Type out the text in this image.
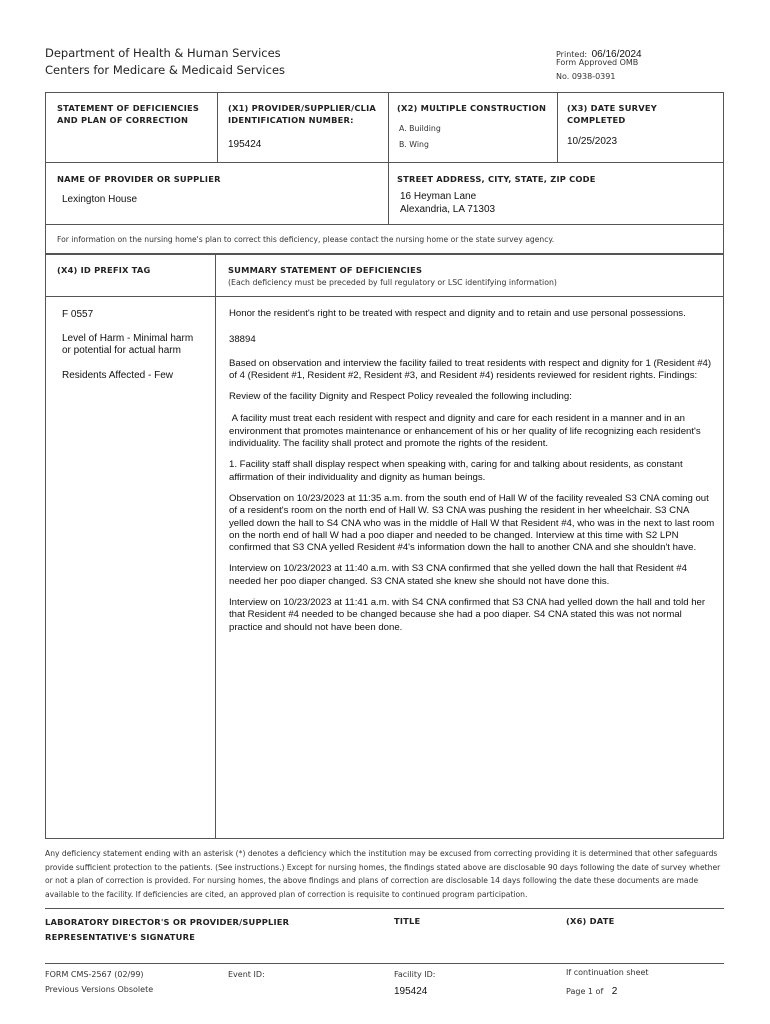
Department of Health & Human Services
Centers for Medicare & Medicaid Services
Printed: 06/16/2024
Form Approved OMB
No. 0938-0391
STATEMENT OF DEFICIENCIES
AND PLAN OF CORRECTION
(X1) PROVIDER/SUPPLIER/CLIA
IDENTIFICATION NUMBER:
195424
(X2) MULTIPLE CONSTRUCTION
A. Building
B. Wing
(X3) DATE SURVEY
COMPLETED
10/25/2023
NAME OF PROVIDER OR SUPPLIER
Lexington House
STREET ADDRESS, CITY, STATE, ZIP CODE
16 Heyman Lane
Alexandria, LA 71303
For information on the nursing home's plan to correct this deficiency, please contact the nursing home or the state survey agency.
(X4) ID PREFIX TAG	SUMMARY STATEMENT OF DEFICIENCIES
(Each deficiency must be preceded by full regulatory or LSC identifying information)
F 0557
Level of Harm - Minimal harm
or potential for actual harm
Residents Affected - Few

Honor the resident's right to be treated with respect and dignity and to retain and use personal possessions.

38894

Based on observation and interview the facility failed to treat residents with respect and dignity for 1 (Resident #4) of 4 (Resident #1, Resident #2, Resident #3, and Resident #4) residents reviewed for resident rights. Findings:

Review of the facility Dignity and Respect Policy revealed the following including:

A facility must treat each resident with respect and dignity and care for each resident in a manner and in an environment that promotes maintenance or enhancement of his or her quality of life recognizing each resident's individuality. The facility shall protect and promote the rights of the resident.

1. Facility staff shall display respect when speaking with, caring for and talking about residents, as constant affirmation of their individuality and dignity as human beings.

Observation on 10/23/2023 at 11:35 a.m. from the south end of Hall W of the facility revealed S3 CNA coming out of a resident's room on the north end of Hall W. S3 CNA was pushing the resident in her wheelchair. S3 CNA yelled down the hall to S4 CNA who was in the middle of Hall W that Resident #4, who was in the next to last room on the north end of hall W had a poo diaper and needed to be changed. Interview at this time with S2 LPN confirmed that S3 CNA yelled Resident #4's information down the hall to another CNA and she shouldn't have.

Interview on 10/23/2023 at 11:40 a.m. with S3 CNA confirmed that she yelled down the hall that Resident #4 needed her poo diaper changed. S3 CNA stated she knew she should not have done this.

Interview on 10/23/2023 at 11:41 a.m. with S4 CNA confirmed that S3 CNA had yelled down the hall and told her that Resident #4 needed to be changed because she had a poo diaper. S4 CNA stated this was not normal practice and should not have been done.

Any deficiency statement ending with an asterisk (*) denotes a deficiency which the institution may be excused from correcting providing it is determined that other safeguards provide sufficient protection to the patients. (See instructions.) Except for nursing homes, the findings stated above are disclosable 90 days following the date of survey whether or not a plan of correction is provided. For nursing homes, the above findings and plans of correction are disclosable 14 days following the date these documents are made available to the facility. If deficiencies are cited, an approved plan of correction is requisite to continued program participation.
LABORATORY DIRECTOR'S OR PROVIDER/SUPPLIER
REPRESENTATIVE'S SIGNATURE
TITLE	(X6) DATE
FORM CMS-2567 (02/99)
Previous Versions Obsolete
Event ID:	Facility ID:
195424
If continuation sheet
Page 1 of 2
